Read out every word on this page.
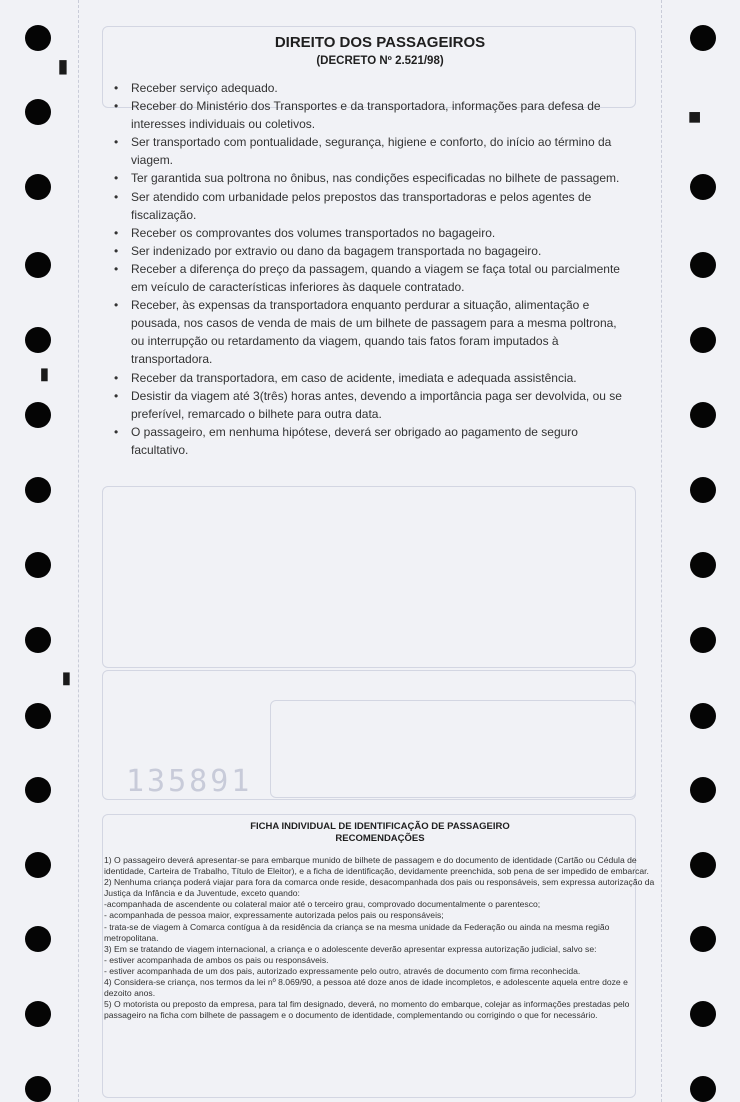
135891
▮
■
▮
▮
DIREITO DOS PASSAGEIROS
(DECRETO Nº 2.521/98)
• Receber serviço adequado.
• Receber do Ministério dos Transportes e da transportadora, informações para defesa de interesses individuais ou coletivos.
• Ser transportado com pontualidade, segurança, higiene e conforto, do início ao término da viagem.
• Ter garantida sua poltrona no ônibus, nas condições especificadas no bilhete de passagem.
• Ser atendido com urbanidade pelos prepostos das transportadoras e pelos agentes de fiscalização.
• Receber os comprovantes dos volumes transportados no bagageiro.
• Ser indenizado por extravio ou dano da bagagem transportada no bagageiro.
• Receber a diferença do preço da passagem, quando a viagem se faça total ou parcialmente em veículo de características inferiores às daquele contratado.
• Receber, às expensas da transportadora enquanto perdurar a situação, alimentação e pousada, nos casos de venda de mais de um bilhete de passagem para a mesma poltrona, ou interrupção ou retardamento da viagem, quando tais fatos foram imputados à transportadora.
• Receber da transportadora, em caso de acidente, imediata e adequada assistência.
• Desistir da viagem até 3(três) horas antes, devendo a importância paga ser devolvida, ou se preferível, remarcado o bilhete para outra data.
• O passageiro, em nenhuma hipótese, deverá ser obrigado ao pagamento de seguro facultativo.
FICHA INDIVIDUAL DE IDENTIFICAÇÃO DE PASSAGEIRO
RECOMENDAÇÕES

1) O passageiro deverá apresentar-se para embarque munido de bilhete de passagem e do documento de identidade (Cartão ou Cédula de identidade, Carteira de Trabalho, Título de Eleitor), e a ficha de identificação, devidamente preenchida, sob pena de ser impedido de embarcar.

2) Nenhuma criança poderá viajar para fora da comarca onde reside, desacompanhada dos pais ou responsáveis, sem expressa autorização da Justiça da Infância e da Juventude, exceto quando:

-acompanhada de ascendente ou colateral maior até o terceiro grau, comprovado documentalmente o parentesco;

- acompanhada de pessoa maior, expressamente autorizada pelos pais ou responsáveis;

- trata-se de viagem à Comarca contígua à da residência da criança se na mesma unidade da Federação ou ainda na mesma região metropolitana.

3) Em se tratando de viagem internacional, a criança e o adolescente deverão apresentar expressa autorização judicial, salvo se:

- estiver acompanhada de ambos os pais ou responsáveis.

- estiver acompanhada de um dos pais, autorizado expressamente pelo outro, através de documento com firma reconhecida.

4) Considera-se criança, nos termos da lei nº 8.069/90, a pessoa até doze anos de idade incompletos, e adolescente aquela entre doze e dezoito anos.

5) O motorista ou preposto da empresa, para tal fim designado, deverá, no momento do embarque, colejar as informações prestadas pelo passageiro na ficha com bilhete de passagem e o documento de identidade, complementando ou corrigindo o que for necessário.
